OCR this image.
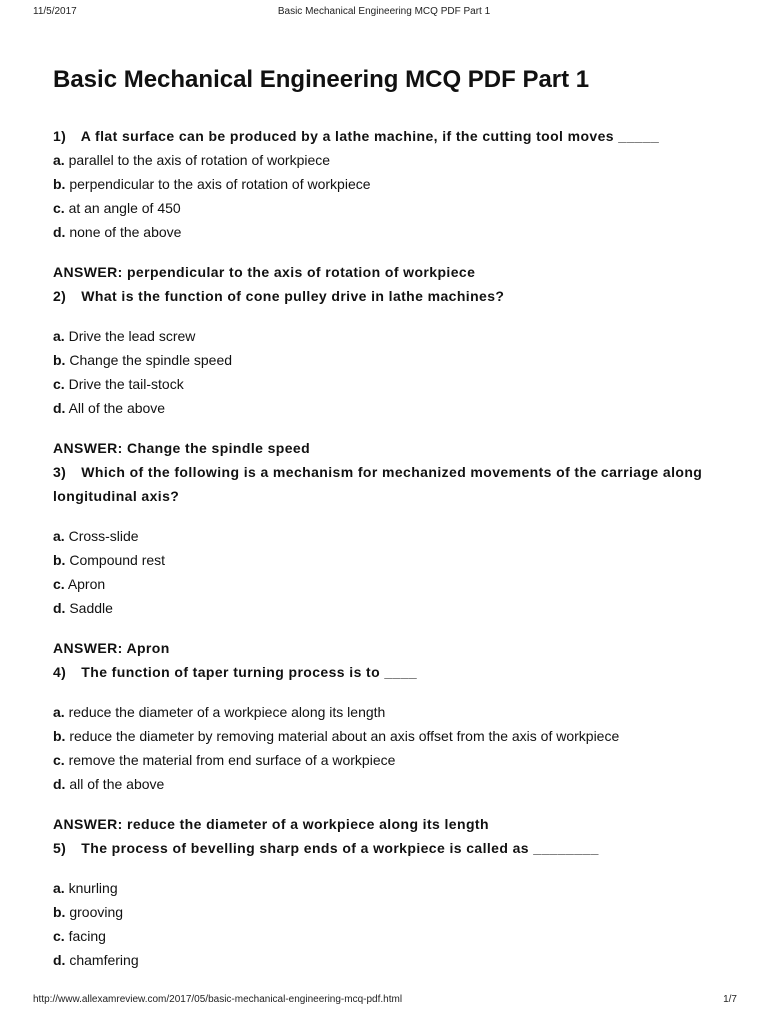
11/5/2017	Basic Mechanical Engineering MCQ PDF Part 1
Basic Mechanical Engineering MCQ PDF Part 1
1) A flat surface can be produced by a lathe machine, if the cutting tool moves _____
a. parallel to the axis of rotation of workpiece
b. perpendicular to the axis of rotation of workpiece
c. at an angle of 450
d. none of the above
ANSWER: perpendicular to the axis of rotation of workpiece
2) What is the function of cone pulley drive in lathe machines?
a. Drive the lead screw
b. Change the spindle speed
c. Drive the tail-stock
d. All of the above
ANSWER: Change the spindle speed
3) Which of the following is a mechanism for mechanized movements of the carriage along longitudinal axis?
a. Cross-slide
b. Compound rest
c. Apron
d. Saddle
ANSWER: Apron
4) The function of taper turning process is to ____
a. reduce the diameter of a workpiece along its length
b. reduce the diameter by removing material about an axis offset from the axis of workpiece
c. remove the material from end surface of a workpiece
d. all of the above
ANSWER: reduce the diameter of a workpiece along its length
5) The process of bevelling sharp ends of a workpiece is called as ________
a. knurling
b. grooving
c. facing
d. chamfering
http://www.allexamreview.com/2017/05/basic-mechanical-engineering-mcq-pdf.html	1/7
